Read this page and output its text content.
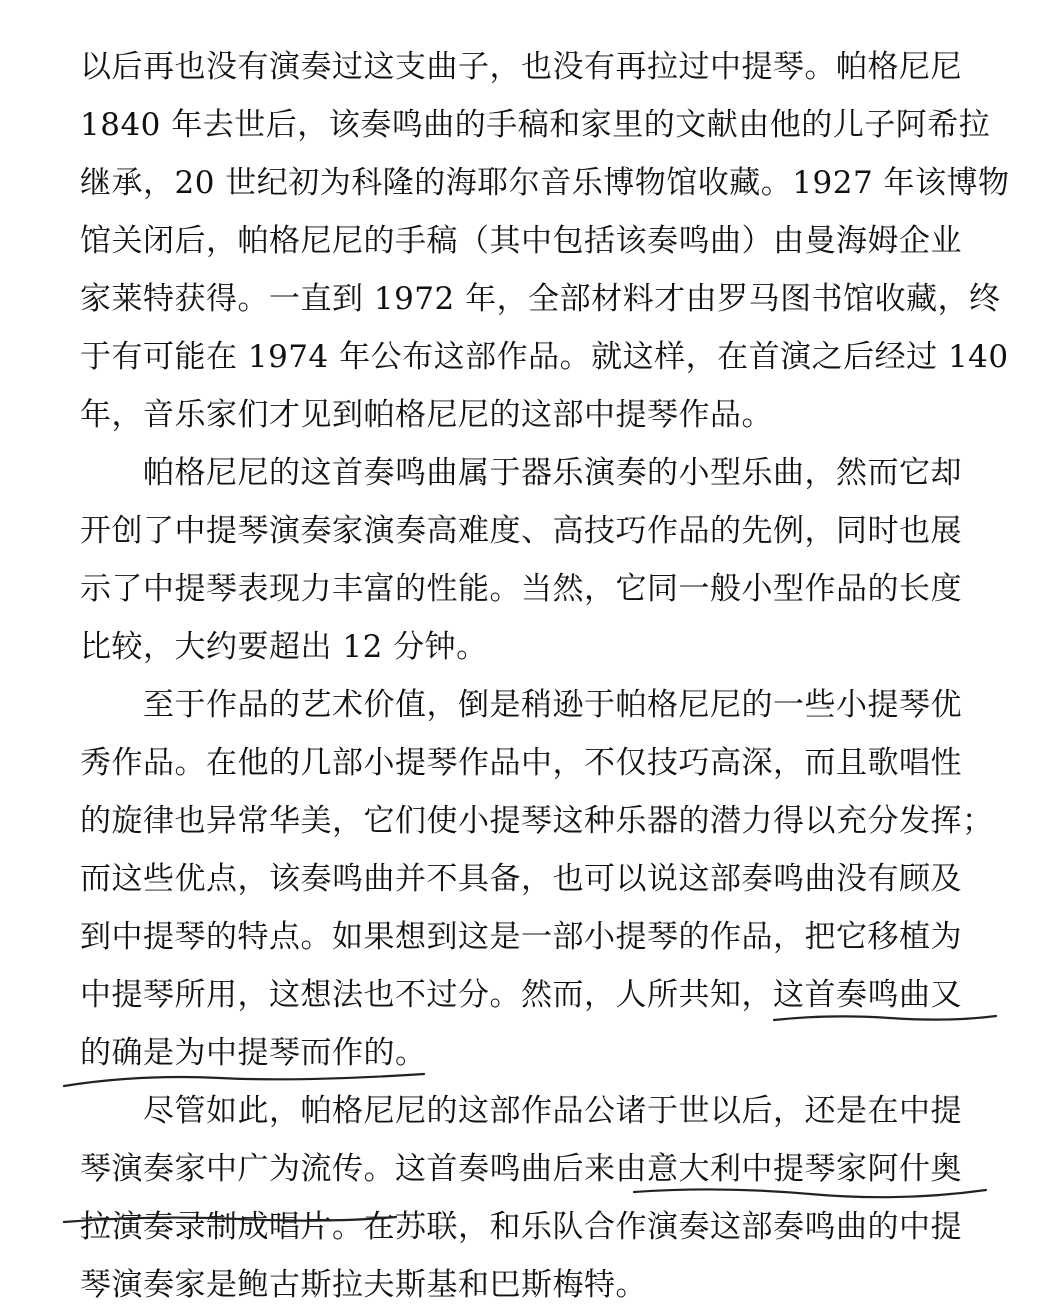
以后再也没有演奏过这支曲子，也没有再拉过中提琴。帕格尼尼
1840 年去世后，该奏鸣曲的手稿和家里的文献由他的儿子阿希拉
继承，20 世纪初为科隆的海耶尔音乐博物馆收藏。1927 年该博物
馆关闭后，帕格尼尼的手稿（其中包括该奏鸣曲）由曼海姆企业
家莱特获得。一直到 1972 年，全部材料才由罗马图书馆收藏，终
于有可能在 1974 年公布这部作品。就这样，在首演之后经过 140
年，音乐家们才见到帕格尼尼的这部中提琴作品。
帕格尼尼的这首奏鸣曲属于器乐演奏的小型乐曲，然而它却
开创了中提琴演奏家演奏高难度、高技巧作品的先例，同时也展
示了中提琴表现力丰富的性能。当然，它同一般小型作品的长度
比较，大约要超出 12 分钟。
至于作品的艺术价值，倒是稍逊于帕格尼尼的一些小提琴优
秀作品。在他的几部小提琴作品中，不仅技巧高深，而且歌唱性
的旋律也异常华美，它们使小提琴这种乐器的潜力得以充分发挥；
而这些优点，该奏鸣曲并不具备，也可以说这部奏鸣曲没有顾及
到中提琴的特点。如果想到这是一部小提琴的作品，把它移植为
中提琴所用，这想法也不过分。然而，人所共知，这首奏鸣曲又
的确是为中提琴而作的。
尽管如此，帕格尼尼的这部作品公诸于世以后，还是在中提
琴演奏家中广为流传。这首奏鸣曲后来由意大利中提琴家阿什奥
拉演奏录制成唱片。在苏联，和乐队合作演奏这部奏鸣曲的中提
琴演奏家是鲍古斯拉夫斯基和巴斯梅特。
